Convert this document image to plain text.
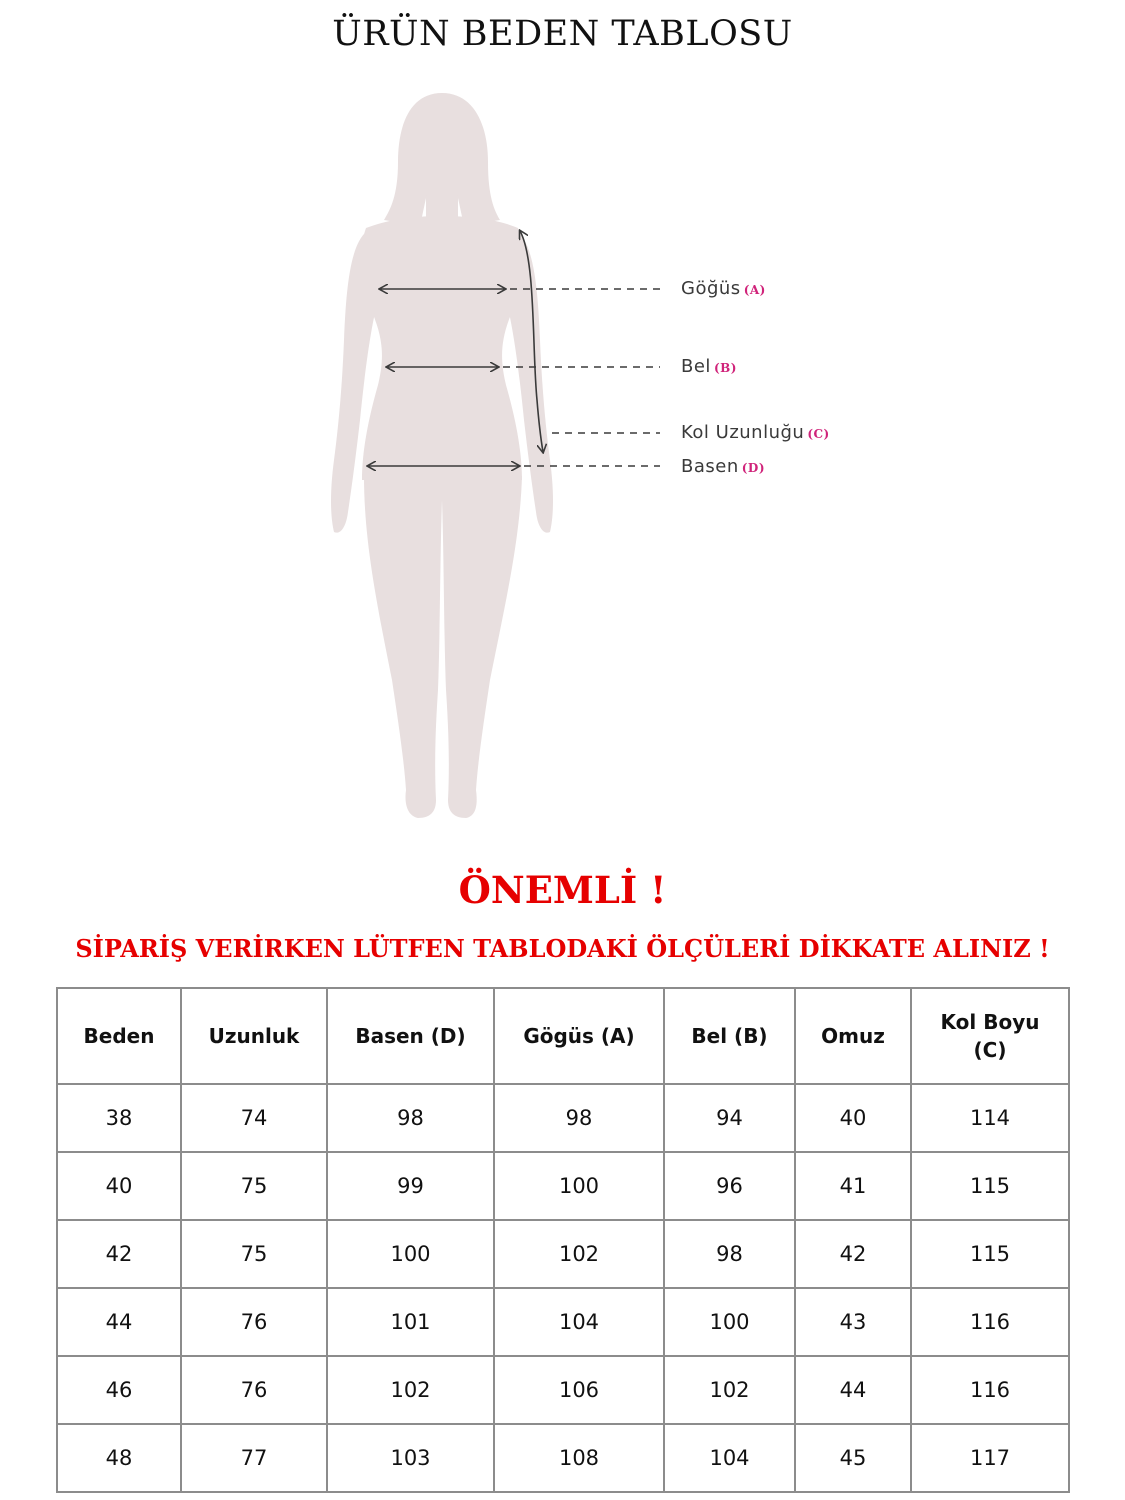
ÜRÜN BEDEN TABLOSU
Göğüs (A)
Bel (B)
Kol Uzunluğu (C)
Basen (D)
ÖNEMLİ !
SİPARİŞ VERİRKEN LÜTFEN TABLODAKİ ÖLÇÜLERİ DİKKATE ALINIZ !
Beden	Uzunluk	Basen (D)	Gögüs (A)	Bel (B)	Omuz	Kol Boyu (C)
38	74	98	98	94	40	114
40	75	99	100	96	41	115
42	75	100	102	98	42	115
44	76	101	104	100	43	116
46	76	102	106	102	44	116
48	77	103	108	104	45	117
